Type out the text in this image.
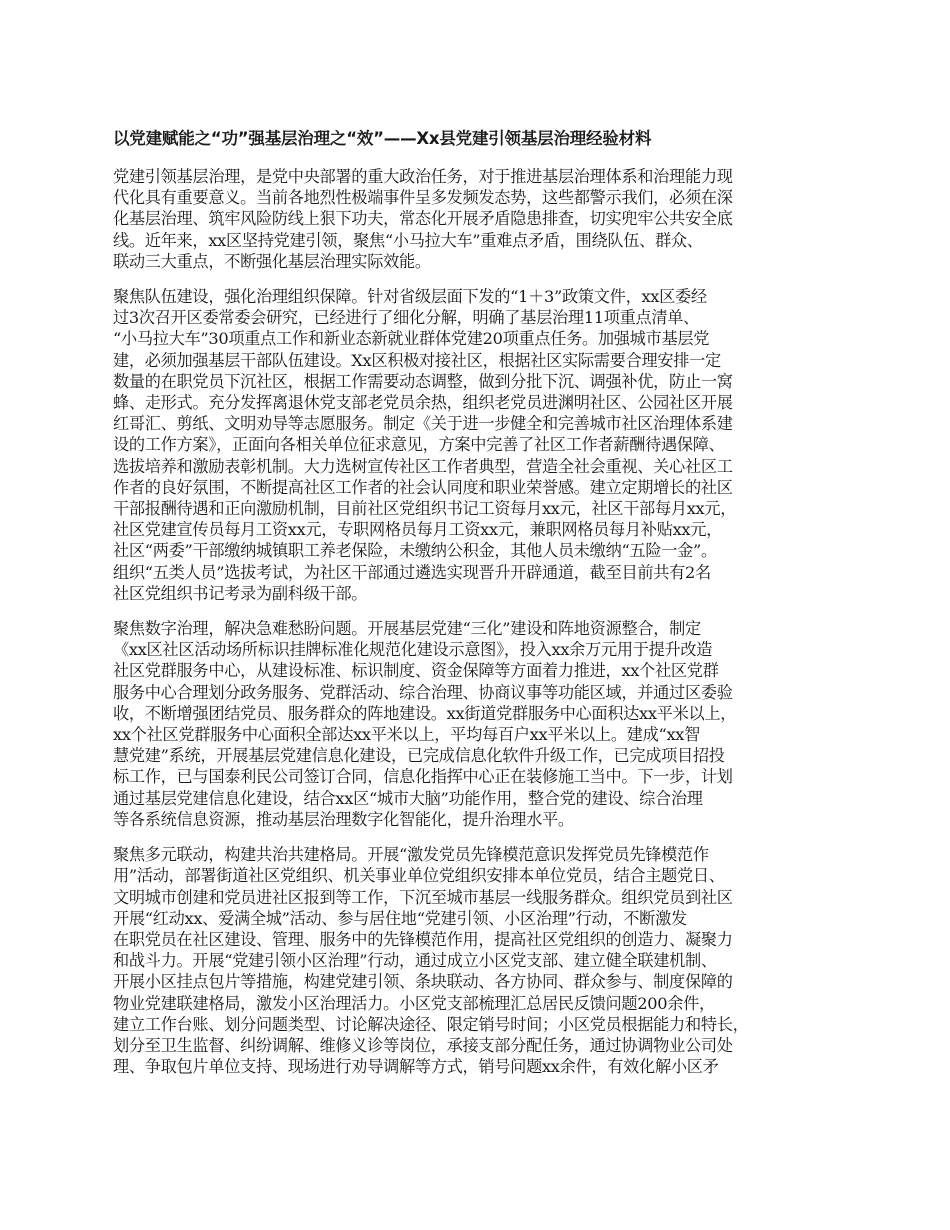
以党建赋能之“功”强基层治理之“效”——Xx县党建引领基层治理经验材料

党建引领基层治理，是党中央部署的重大政治任务，对于推进基层治理体系和治理能力现
代化具有重要意义。当前各地烈性极端事件呈多发频发态势，这些都警示我们，必须在深
化基层治理、筑牢风险防线上狠下功夫，常态化开展矛盾隐患排查，切实兜牢公共安全底
线。近年来，xx区坚持党建引领，聚焦“小马拉大车”重难点矛盾，围绕队伍、群众、
联动三大重点，不断强化基层治理实际效能。

聚焦队伍建设，强化治理组织保障。针对省级层面下发的“1＋3”政策文件，xx区委经
过3次召开区委常委会研究，已经进行了细化分解，明确了基层治理11项重点清单、
“小马拉大车”30项重点工作和新业态新就业群体党建20项重点任务。加强城市基层党
建，必须加强基层干部队伍建设。Xx区积极对接社区，根据社区实际需要合理安排一定
数量的在职党员下沉社区，根据工作需要动态调整，做到分批下沉、调强补优，防止一窝
蜂、走形式。充分发挥离退休党支部老党员余热，组织老党员进渊明社区、公园社区开展
红哥汇、剪纸、文明劝导等志愿服务。制定《关于进一步健全和完善城市社区治理体系建
设的工作方案》，正面向各相关单位征求意见，方案中完善了社区工作者薪酬待遇保障、
选拔培养和激励表彰机制。大力选树宣传社区工作者典型，营造全社会重视、关心社区工
作者的良好氛围，不断提高社区工作者的社会认同度和职业荣誉感。建立定期增长的社区
干部报酬待遇和正向激励机制，目前社区党组织书记工资每月xx元，社区干部每月xx元，
社区党建宣传员每月工资xx元，专职网格员每月工资xx元，兼职网格员每月补贴xx元，
社区“两委”干部缴纳城镇职工养老保险，未缴纳公积金，其他人员未缴纳“五险一金”。
组织“五类人员”选拔考试，为社区干部通过遴选实现晋升开辟通道，截至目前共有2名
社区党组织书记考录为副科级干部。

聚焦数字治理，解决急难愁盼问题。开展基层党建“三化”建设和阵地资源整合，制定
《xx区社区活动场所标识挂牌标准化规范化建设示意图》，投入xx余万元用于提升改造
社区党群服务中心，从建设标准、标识制度、资金保障等方面着力推进，xx个社区党群
服务中心合理划分政务服务、党群活动、综合治理、协商议事等功能区域，并通过区委验
收，不断增强团结党员、服务群众的阵地建设。xx街道党群服务中心面积达xx平米以上，
xx个社区党群服务中心面积全部达xx平米以上，平均每百户xx平米以上。建成“xx智
慧党建”系统，开展基层党建信息化建设，已完成信息化软件升级工作，已完成项目招投
标工作，已与国泰利民公司签订合同，信息化指挥中心正在装修施工当中。下一步，计划
通过基层党建信息化建设，结合xx区“城市大脑”功能作用，整合党的建设、综合治理
等各系统信息资源，推动基层治理数字化智能化，提升治理水平。

聚焦多元联动，构建共治共建格局。开展“激发党员先锋模范意识发挥党员先锋模范作
用”活动，部署街道社区党组织、机关事业单位党组织安排本单位党员，结合主题党日、
文明城市创建和党员进社区报到等工作，下沉至城市基层一线服务群众。组织党员到社区
开展“红动xx、爱满全城”活动、参与居住地“党建引领、小区治理”行动，不断激发
在职党员在社区建设、管理、服务中的先锋模范作用，提高社区党组织的创造力、凝聚力
和战斗力。开展“党建引领小区治理”行动，通过成立小区党支部、建立健全联建机制、
开展小区挂点包片等措施，构建党建引领、条块联动、各方协同、群众参与、制度保障的
物业党建联建格局，激发小区治理活力。小区党支部梳理汇总居民反馈问题200余件，
建立工作台账、划分问题类型、讨论解决途径、限定销号时间；小区党员根据能力和特长，
划分至卫生监督、纠纷调解、维修义诊等岗位，承接支部分配任务，通过协调物业公司处
理、争取包片单位支持、现场进行劝导调解等方式，销号问题xx余件，有效化解小区矛
